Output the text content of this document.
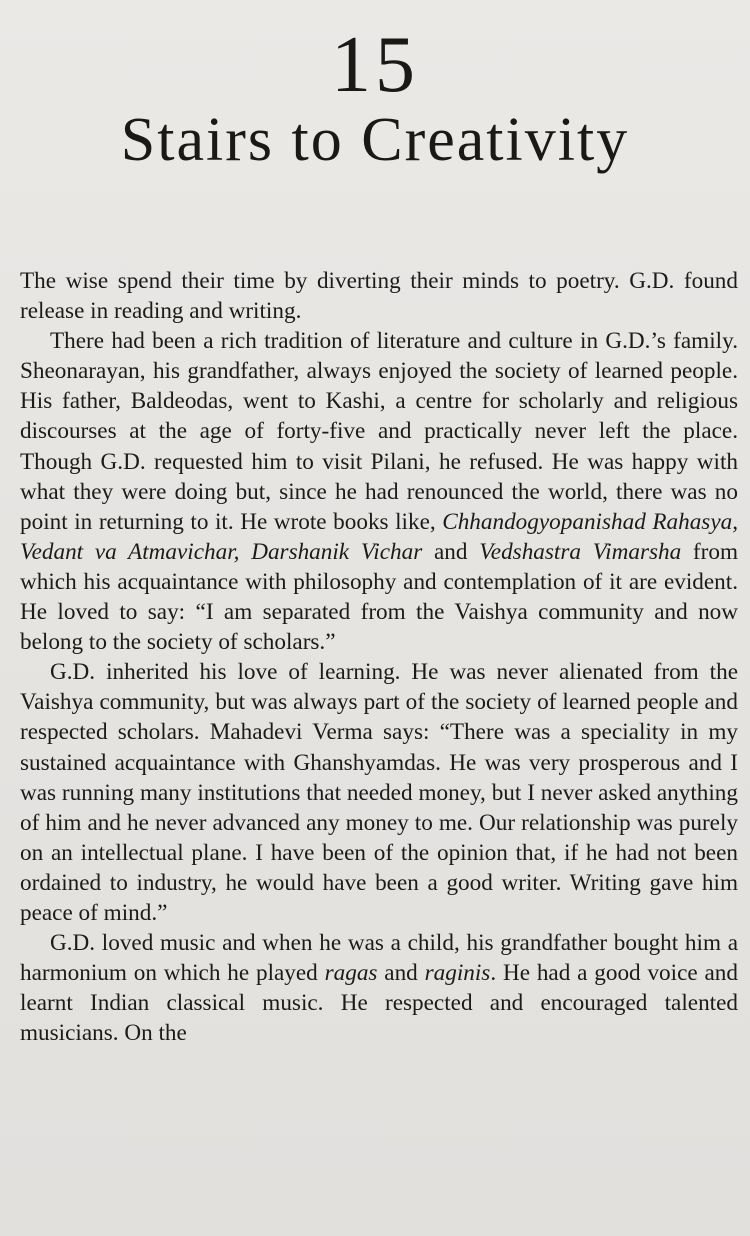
15
Stairs to Creativity

The wise spend their time by diverting their minds to poetry. G.D. found release in reading and writing.

There had been a rich tradition of literature and culture in G.D.’s family. Sheonarayan, his grandfather, always enjoyed the society of learned people. His father, Baldeodas, went to Kashi, a centre for scholarly and religious discourses at the age of forty-five and practically never left the place. Though G.D. requested him to visit Pilani, he refused. He was happy with what they were doing but, since he had renounced the world, there was no point in returning to it. He wrote books like, Chhandogyopanishad Rahasya, Vedant va Atmavichar, Darshanik Vichar and Vedshastra Vimarsha from which his acquaintance with philosophy and contemplation of it are evident. He loved to say: “I am separated from the Vaishya community and now belong to the society of scholars.”

G.D. inherited his love of learning. He was never alienated from the Vaishya community, but was always part of the society of learned people and respected scholars. Mahadevi Verma says: “There was a speciality in my sustained acquaintance with Ghanshyamdas. He was very prosperous and I was running many institutions that needed money, but I never asked anything of him and he never advanced any money to me. Our relationship was purely on an intellectual plane. I have been of the opinion that, if he had not been ordained to industry, he would have been a good writer. Writing gave him peace of mind.”

G.D. loved music and when he was a child, his grandfather bought him a harmonium on which he played ragas and raginis. He had a good voice and learnt Indian classical music. He respected and encouraged talented musicians. On the
